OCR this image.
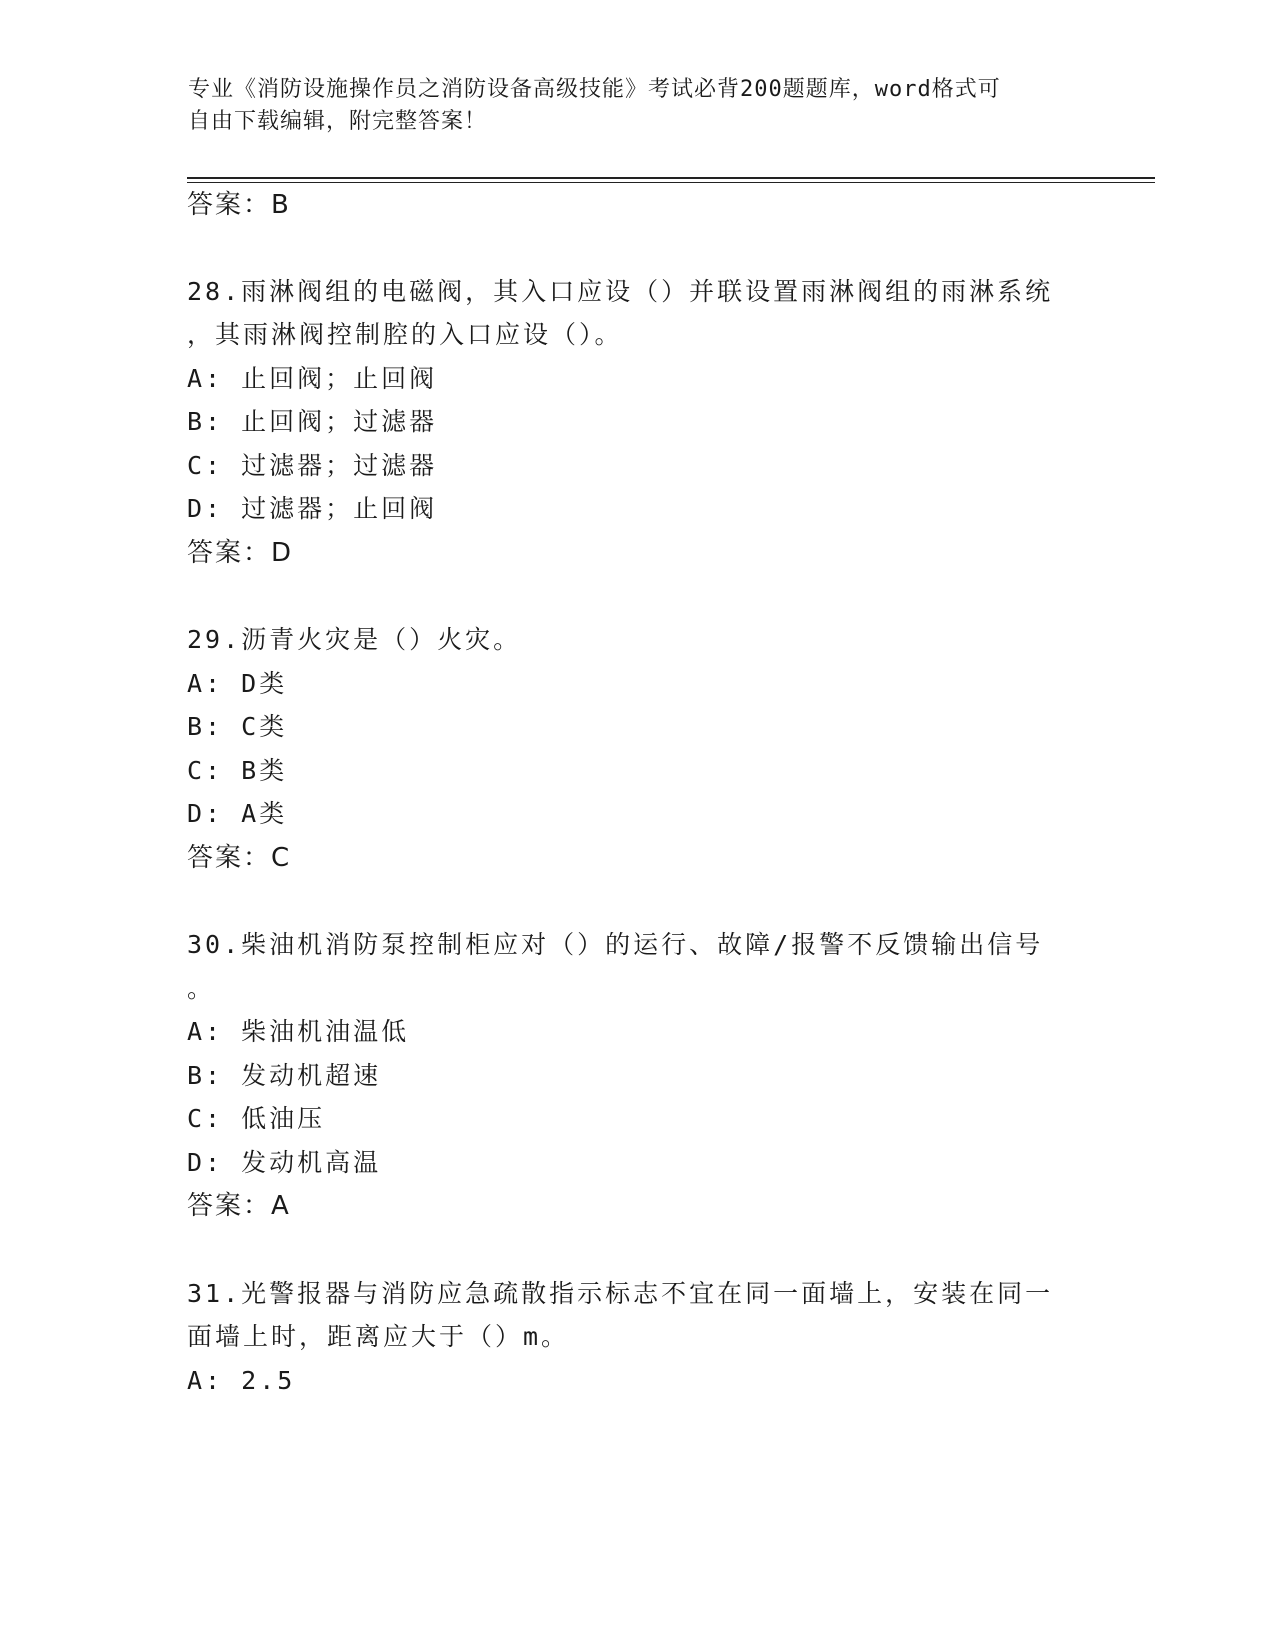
专业《消防设施操作员之消防设备高级技能》考试必背200题题库，word格式可
自由下载编辑，附完整答案！
答案：B
28.雨淋阀组的电磁阀，其入口应设（）并联设置雨淋阀组的雨淋系统
，其雨淋阀控制腔的入口应设（）。
A: 止回阀；止回阀
B: 止回阀；过滤器
C: 过滤器；过滤器
D: 过滤器；止回阀
答案：D
29.沥青火灾是（）火灾。
A: D类
B: C类
C: B类
D: A类
答案：C
30.柴油机消防泵控制柜应对（）的运行、故障/报警不反馈输出信号
。
A: 柴油机油温低
B: 发动机超速
C: 低油压
D: 发动机高温
答案：A
31.光警报器与消防应急疏散指示标志不宜在同一面墙上，安装在同一
面墙上时，距离应大于（）m。
A: 2.5
